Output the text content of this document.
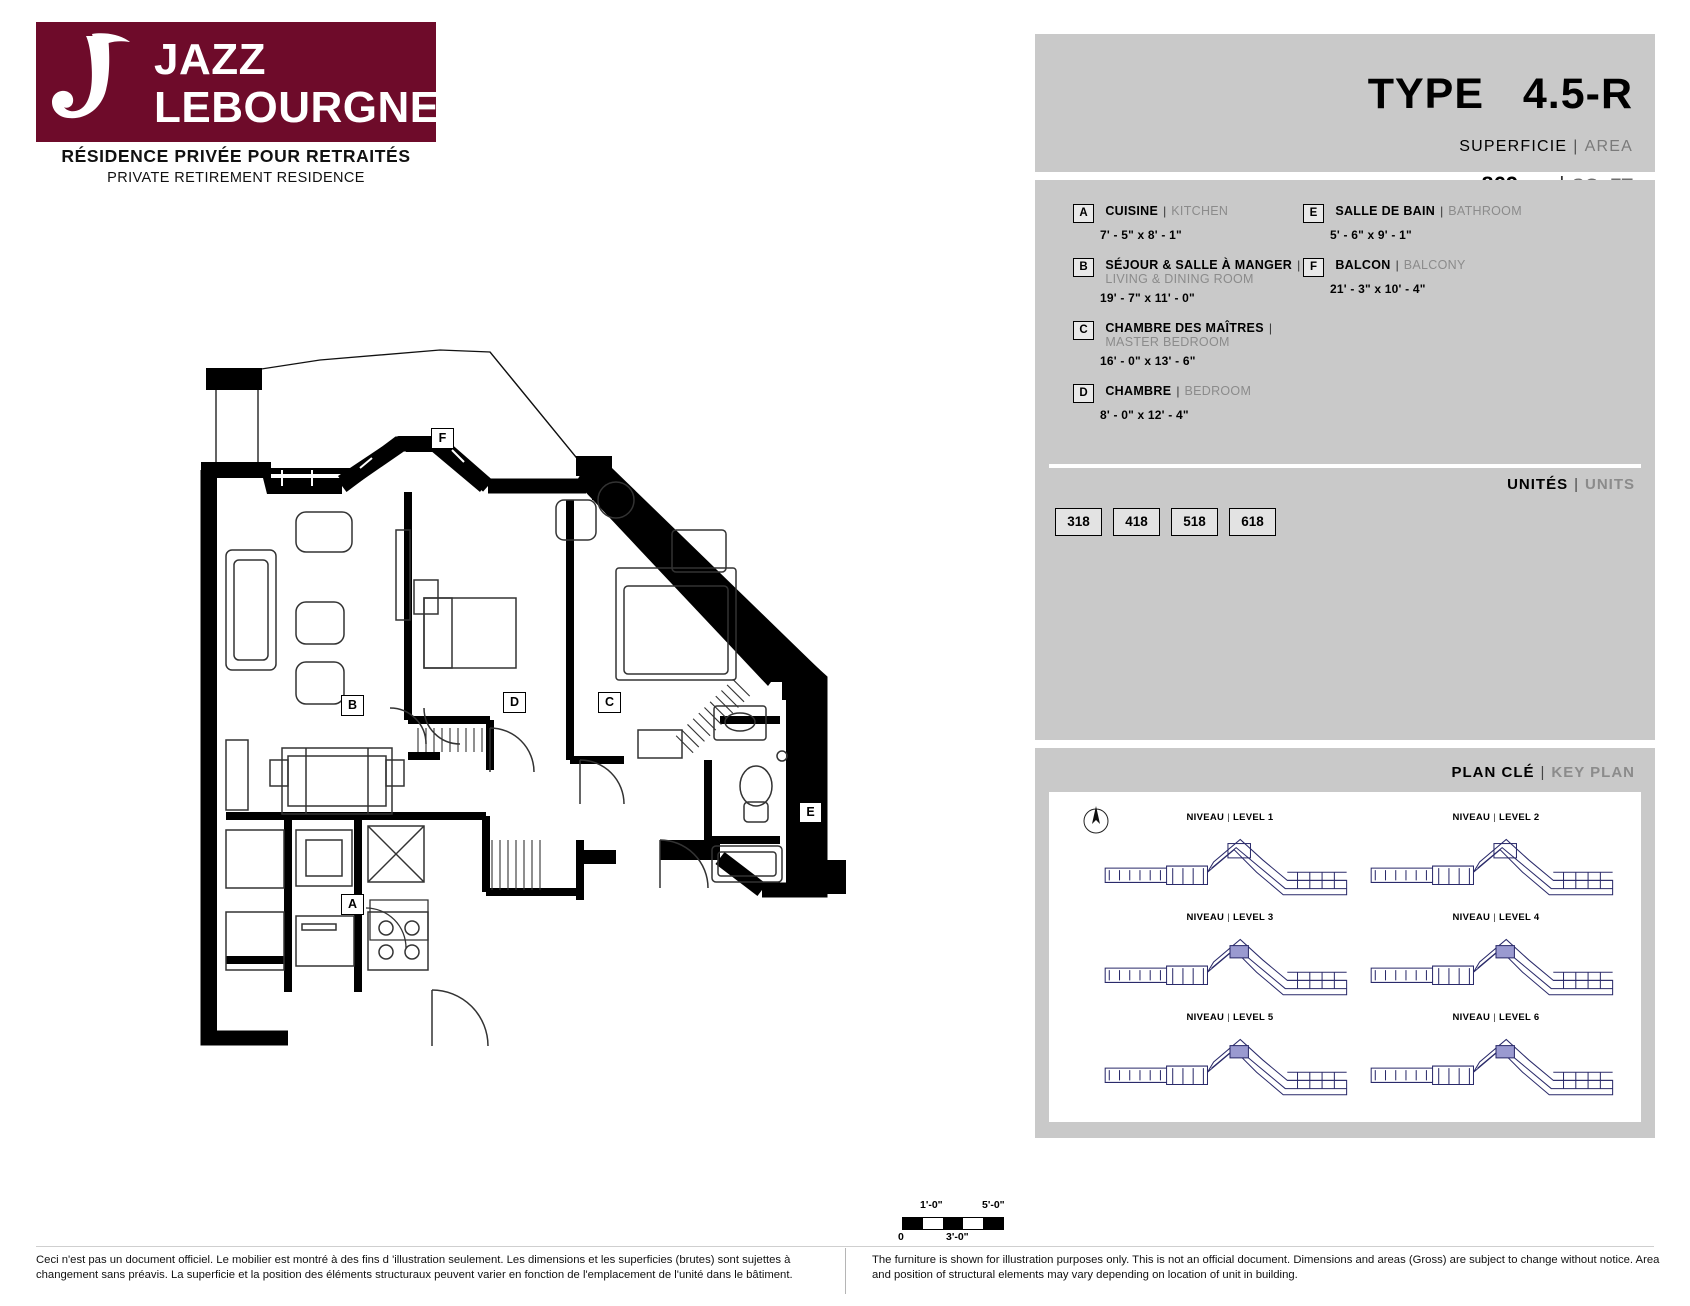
JAZZ
LEBOURGNEUF
RÉSIDENCE PRIVÉE POUR RETRAITÉS
PRIVATE RETIREMENT RESIDENCE
TYPE 4.5-R
SUPERFICIE | AREA
A CUISINE | KITCHEN
7' - 5" x 8' - 1"
B SÉJOUR & SALLE À MANGER | LIVING & DINING ROOM
19' - 7" x 11' - 0"
C CHAMBRE DES MAÎTRES | MASTER BEDROOM
16' - 0" x 13' - 6"
D CHAMBRE | BEDROOM
8' - 0" x 12' - 4"
E SALLE DE BAIN | BATHROOM
5' - 6" x 9' - 1"
F BALCON | BALCONY
21' - 3" x 10' - 4"
UNITÉS | UNITS
318	418	518	618
PLAN CLÉ | KEY PLAN
NIVEAU | LEVEL 1	NIVEAU | LEVEL 2
NIVEAU | LEVEL 3	NIVEAU | LEVEL 4
NIVEAU | LEVEL 5	NIVEAU | LEVEL 6
F
B	D	C
E
A
1'-0"	5'-0"
0	3'-0"
Ceci n'est pas un document officiel. Le mobilier est montré à des fins d 'illustration seulement. Les dimensions et les superficies (brutes) sont sujettes à changement sans préavis. La superficie et la position des éléments structuraux peuvent varier en fonction de l'emplacement de l'unité dans le bâtiment.
The furniture is shown for illustration purposes only. This is not an official document. Dimensions and areas (Gross) are subject to change without notice. Area and position of structural elements may vary depending on location of unit in building.
